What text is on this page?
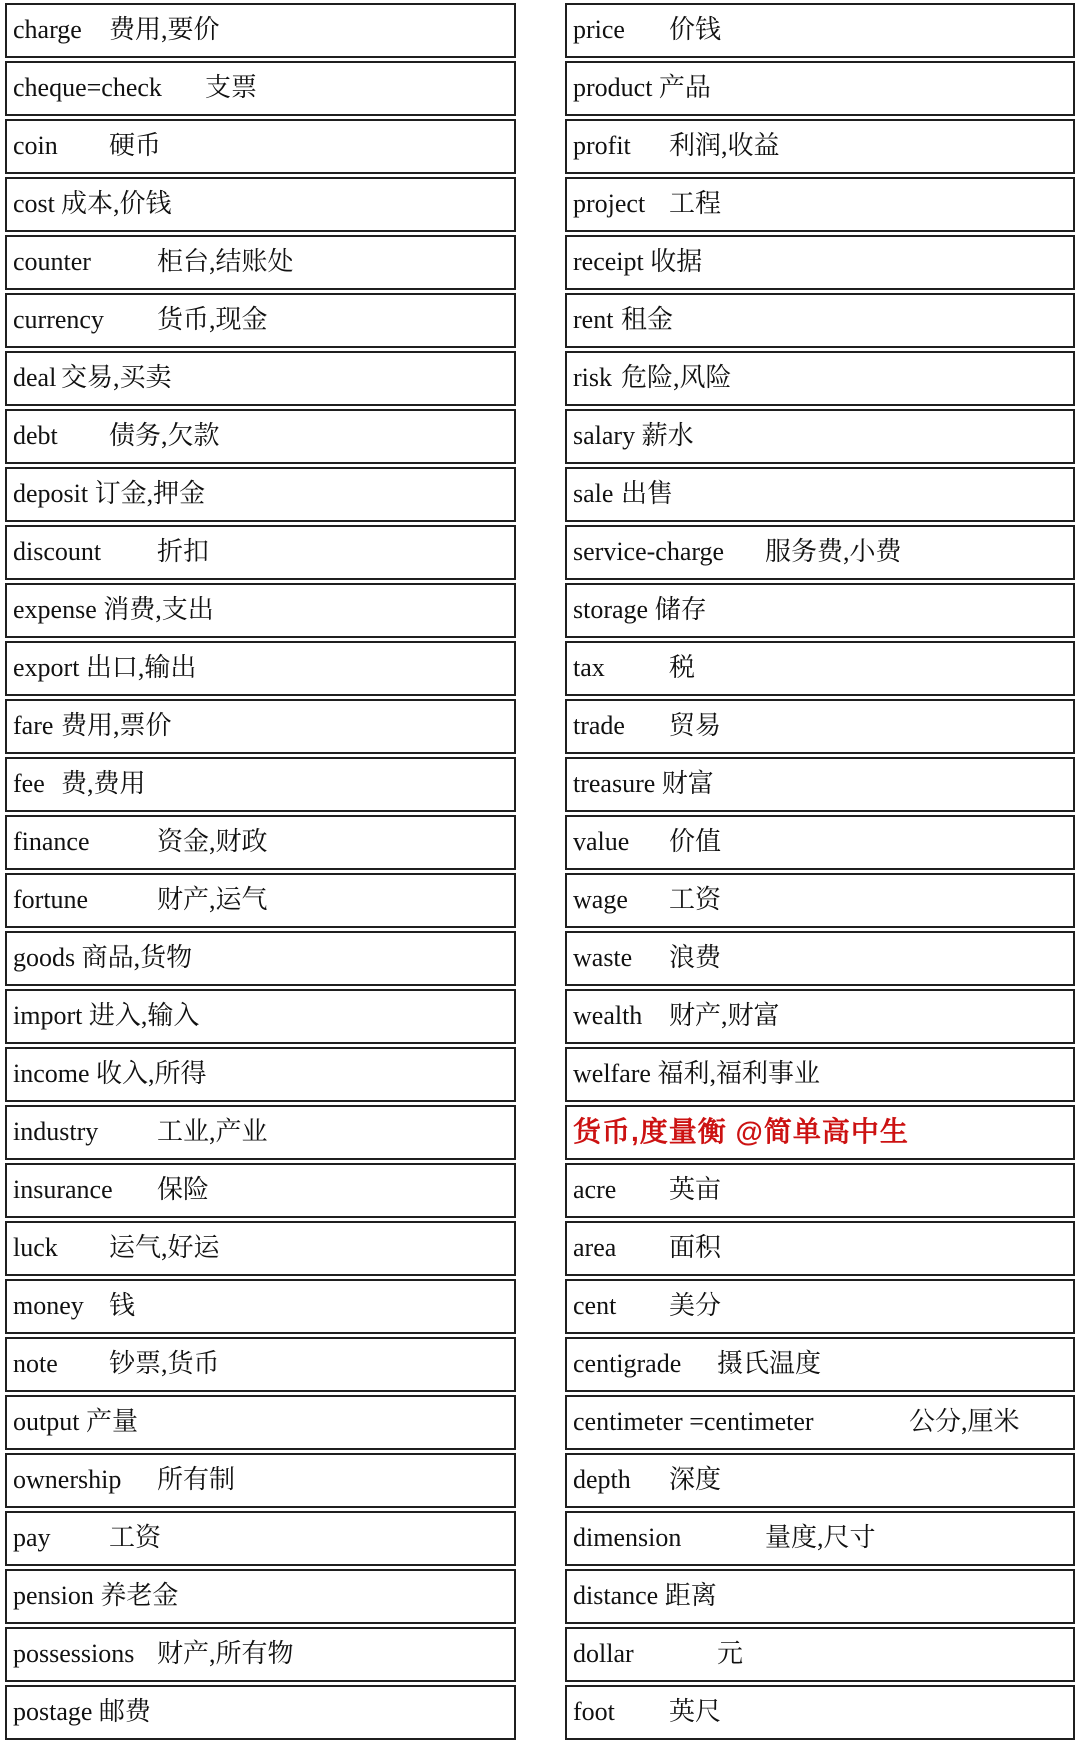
charge	费用,要价
cheque=check	支票
coin	硬币
cost	成本,价钱
counter			柜台,结账处
currency		货币,现金
deal	交易,买卖
debt	债务,欠款
deposit 订金,押金
discount		折扣
expense 消费,支出
export 出口,输出
fare	费用,票价
fee	费,费用
finance			资金,财政
fortune			财产,运气
goods 商品,货物
import 进入,输入
income 收入,所得
industry		工业,产业
insurance	保险
luck	运气,好运
money	钱
note	钞票,货币
output 产量
ownership	所有制
pay		工资
pension 养老金
possessions	财产,所有物
postage 邮费
price	价钱
product 产品
profit	利润,收益
project	工程
receipt 收据
rent	租金
risk	危险,风险
salary 薪水
sale	出售
service-charge	服务费,小费
storage 储存
tax		税
trade	贸易
treasure 财富
value	价值
wage	工资
waste	浪费
wealth	财产,财富
welfare 福利,福利事业
货币,度量衡 @简单高中生
acre		英亩
area		面积
cent		美分
centigrade	摄氏温度
centimeter =centimeter			公分,厘米
depth	深度
dimension			量度,尺寸
distance 距离
dollar			元
foot		英尺
